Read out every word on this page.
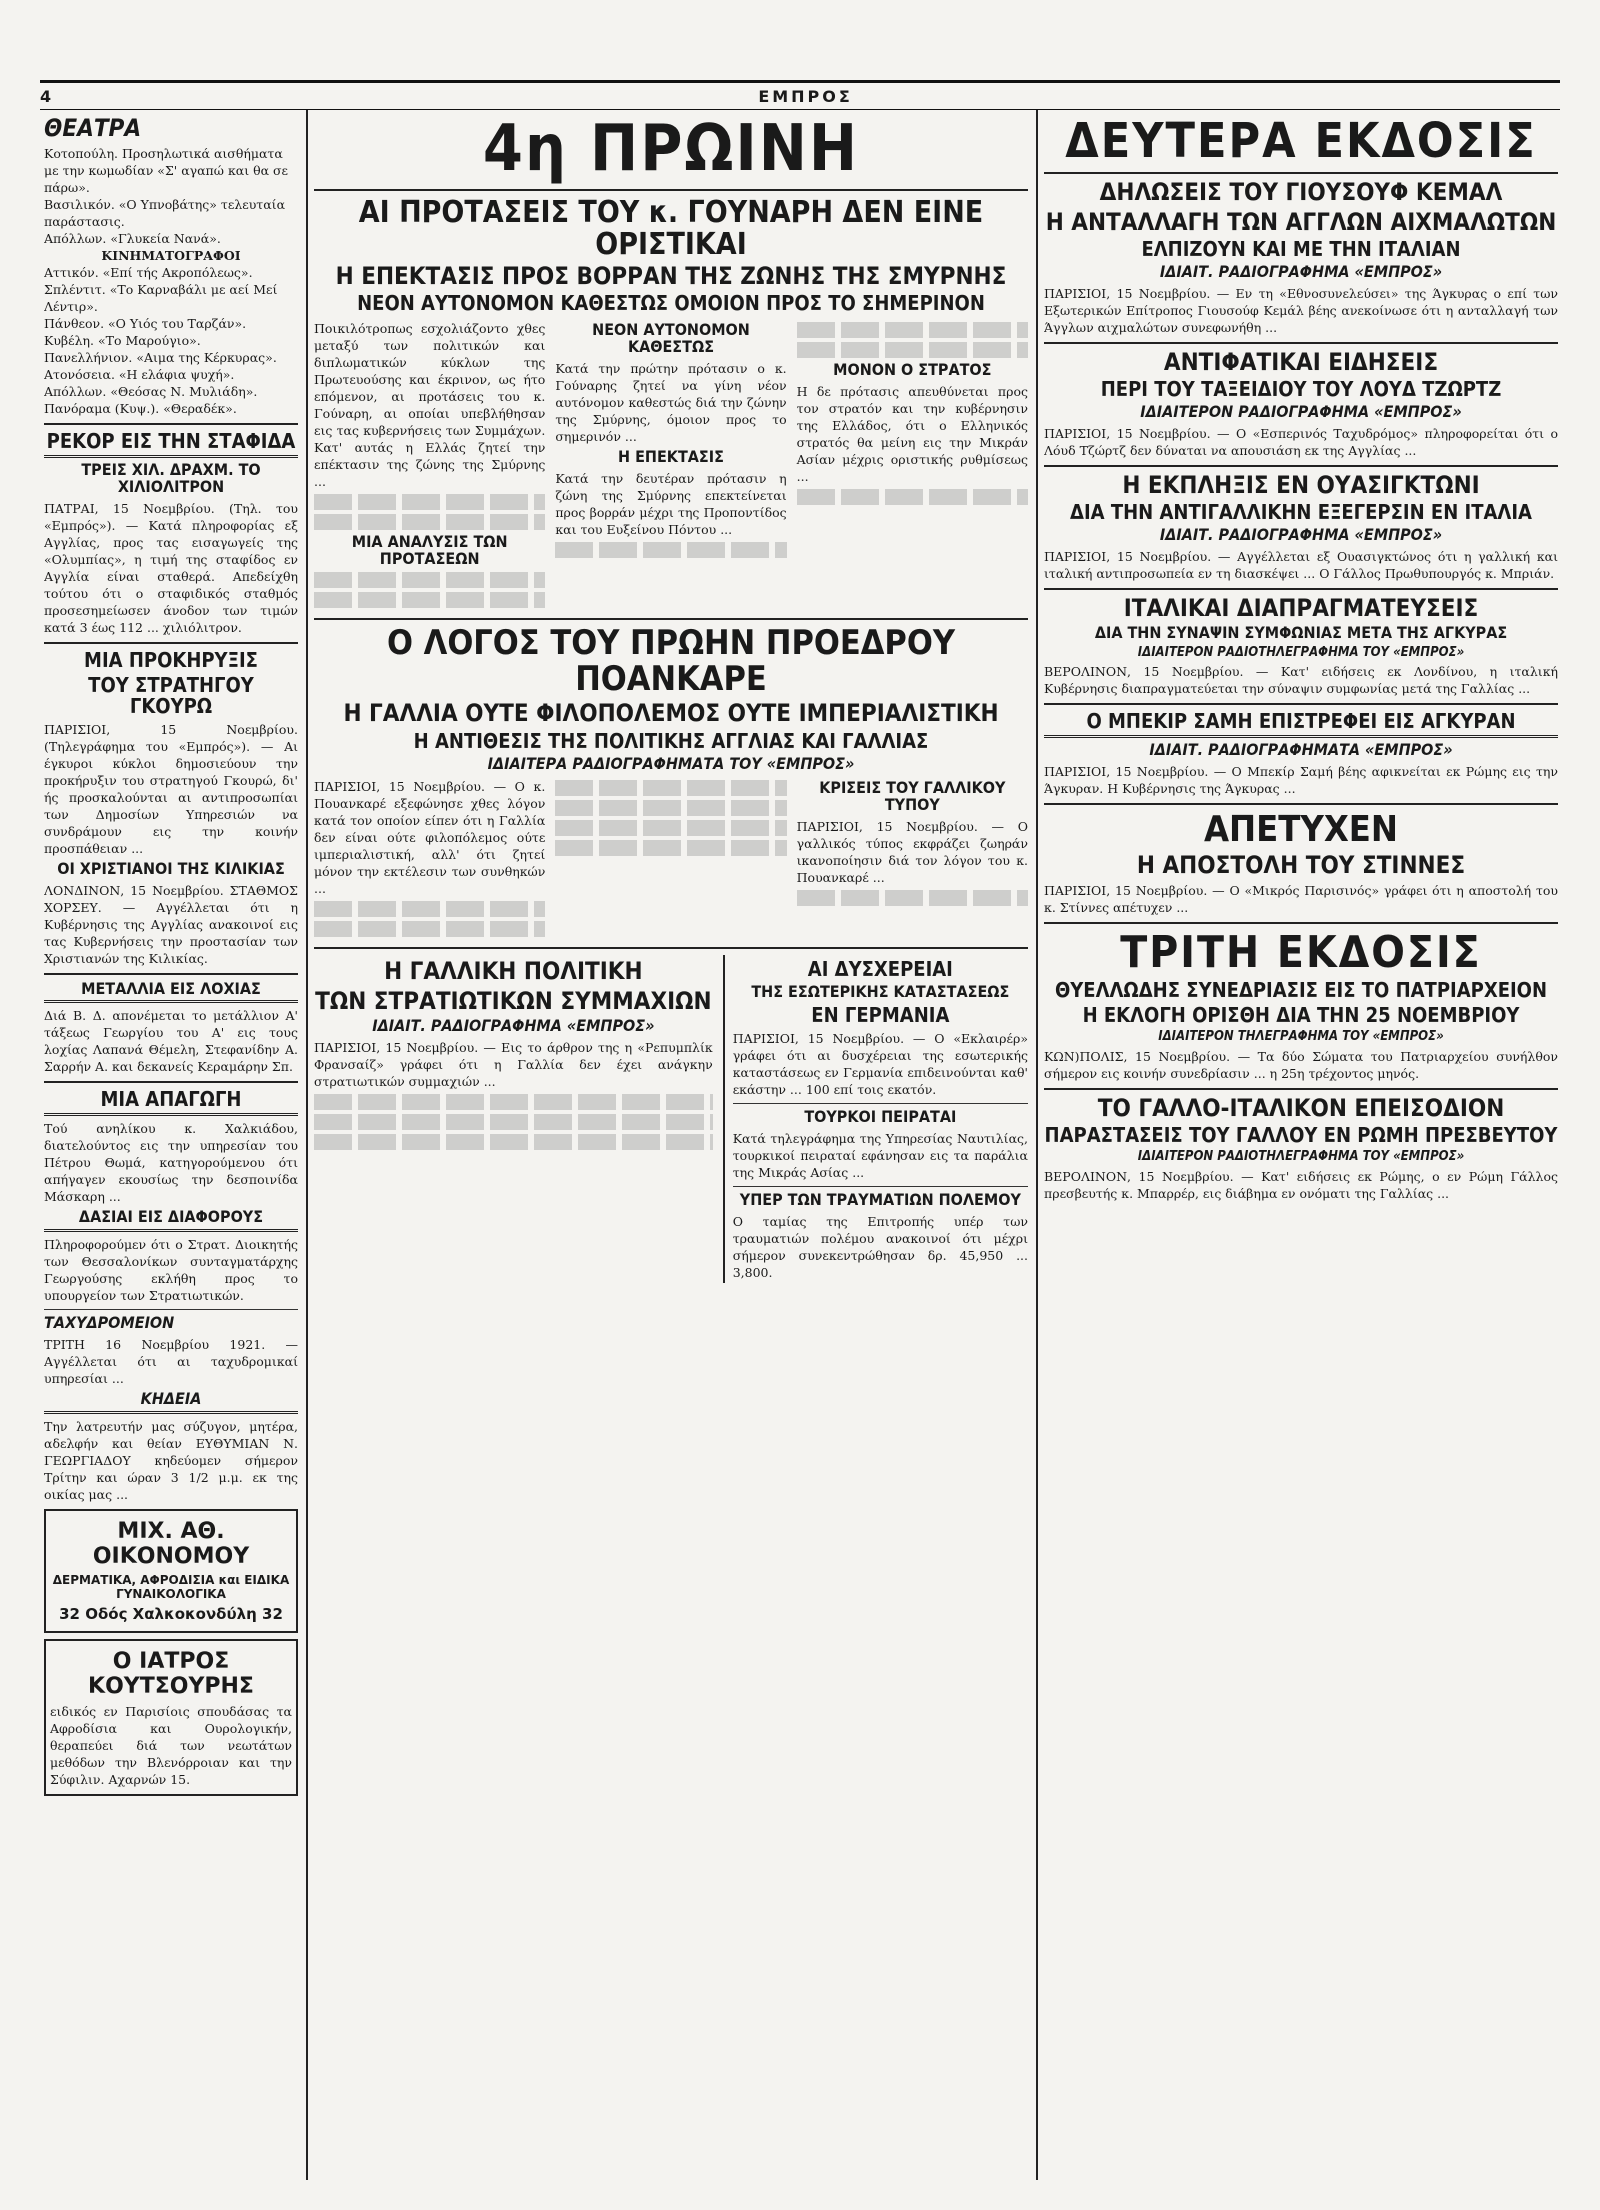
4	ΕΜΠΡΟΣ
ΘΕΑΤΡΑ
Κοτοπούλη. Προσηλωτικά αισθήματα με την κωμωδίαν «Σ' αγαπώ και θα σε πάρω».
Βασιλικόν. «Ο Υπνοβάτης» τελευταία παράστασις.
Απόλλων. «Γλυκεία Νανά».
ΚΙΝΗΜΑΤΟΓΡΑΦΟΙ
Αττικόν. «Επί τής Ακροπόλεως».
Σπλέντιτ. «Το Καρναβάλι με αεί Μεί Λέντιρ».
Πάνθεον. «Ο Υιός του Ταρζάν».
Κυβέλη. «Το Μαρούγιο».
Πανελλήνιον. «Αιμα της Κέρκυρας».
Ατονόσεια. «Η ελάφια ψυχή».
Απόλλων. «Θεόσας Ν. Μυλιάδη».
Πανόραμα (Κυψ.). «Θεραδέκ».
ΡΕΚΟΡ ΕΙΣ ΤΗΝ ΣΤΑΦΙΔΑ
ΤΡΕΙΣ ΧΙΛ. ΔΡΑΧΜ. ΤΟ ΧΙΛΙΟΛΙΤΡΟΝ

ΠΑΤΡΑΙ, 15 Νοεμβρίου. (Τηλ. του «Εμπρός»). — Κατά πληροφορίας εξ Αγγλίας, προς τας εισαγωγείς της «Ολυμπίας», η τιμή της σταφίδος εν Αγγλία είναι σταθερά. Απεδείχθη τούτου ότι ο σταφιδικός σταθμός προσεσημείωσεν άνοδον των τιμών κατά 3 έως 112 ... χιλιόλιτρον.

ΜΙΑ ΠΡΟΚΗΡΥΞΙΣ
ΤΟΥ ΣΤΡΑΤΗΓΟΥ ΓΚΟΥΡΩ

ΠΑΡΙΣΙΟΙ, 15 Νοεμβρίου. (Τηλεγράφημα του «Εμπρός»). — Αι έγκυροι κύκλοι δημοσιεύουν την προκήρυξιν του στρατηγού Γκουρώ, δι' ής προσκαλούνται αι αντιπροσωπίαι των Δημοσίων Υπηρεσιών να συνδράμουν εις την κοινήν προσπάθειαν ...

ΟΙ ΧΡΙΣΤΙΑΝΟΙ ΤΗΣ ΚΙΛΙΚΙΑΣ

ΛΟΝΔΙΝΟΝ, 15 Νοεμβρίου. ΣΤΑΘΜΟΣ ΧΟΡΣΕΥ. — Αγγέλλεται ότι η Κυβέρνησις της Αγγλίας ανακοινοί εις τας Κυβερνήσεις την προστασίαν των Χριστιανών της Κιλικίας.

ΜΕΤΑΛΛΙΑ ΕΙΣ ΛΟΧΙΑΣ

Διά Β. Δ. απονέμεται το μετάλλιον Α' τάξεως Γεωργίου του Α' εις τους λοχίας Λαπανά Θέμελη, Στεφανίδην Α. Σαρρήν Α. και δεκανείς Κεραμάρην Σπ.

ΜΙΑ ΑΠΑΓΩΓΗ

Τού ανηλίκου κ. Χαλκιάδου, διατελούντος εις την υπηρεσίαν του Πέτρου Θωμά, κατηγορούμενου ότι απήγαγεν εκουσίως την δεσποινίδα Μάσκαρη ...

ΔΑΣΙΑΙ ΕΙΣ ΔΙΑΦΟΡΟΥΣ

Πληροφορούμεν ότι ο Στρατ. Διοικητής των Θεσσαλονίκων συνταγματάρχης Γεωργούσης εκλήθη προς το υπουργείον των Στρατιωτικών.

ΤΑΧΥΔΡΟΜΕΙΟΝ

ΤΡΙΤΗ 16 Νοεμβρίου 1921. — Αγγέλλεται ότι αι ταχυδρομικαί υπηρεσίαι ...

ΚΗΔΕΙΑ

Την λατρευτήν μας σύζυγον, μητέρα, αδελφήν και θείαν ΕΥΘΥΜΙΑΝ Ν. ΓΕΩΡΓΙΑΔΟΥ κηδεύομεν σήμερον Τρίτην και ώραν 3 1/2 μ.μ. εκ της οικίας μας ...

ΜΙΧ. ΑΘ. ΟΙΚΟΝΟΜΟΥ
ΔΕΡΜΑΤΙΚΑ, ΑΦΡΟΔΙΣΙΑ και ΕΙΔΙΚΑ ΓΥΝΑΙΚΟΛΟΓΙΚΑ
32 Οδός Χαλκοκονδύλη 32
Ο ΙΑΤΡΟΣ ΚΟΥΤΣΟΥΡΗΣ

ειδικός εν Παρισίοις σπουδάσας τα Αφροδίσια και Ουρολογικήν, θεραπεύει διά των νεωτάτων μεθόδων την Βλενόρροιαν και την Σύφιλιν. Αχαρνών 15.

4η ΠΡΩΙΝΗ
ΑΙ ΠΡΟΤΑΣΕΙΣ ΤΟΥ κ. ΓΟΥΝΑΡΗ ΔΕΝ ΕΙΝΕ ΟΡΙΣΤΙΚΑΙ
Η ΕΠΕΚΤΑΣΙΣ ΠΡΟΣ ΒΟΡΡΑΝ ΤΗΣ ΖΩΝΗΣ ΤΗΣ ΣΜΥΡΝΗΣ
ΝΕΟΝ ΑΥΤΟΝΟΜΟΝ ΚΑΘΕΣΤΩΣ ΟΜΟΙΟΝ ΠΡΟΣ ΤΟ ΣΗΜΕΡΙΝΟΝ

Ποικιλότροπως εσχολιάζοντο χθες μεταξύ των πολιτικών και διπλωματικών κύκλων της Πρωτευούσης και έκρινον, ως ήτο επόμενον, αι προτάσεις του κ. Γούναρη, αι οποίαι υπεβλήθησαν εις τας κυβερνήσεις των Συμμάχων. Κατ' αυτάς η Ελλάς ζητεί την επέκτασιν της ζώνης της Σμύρνης ...

ΜΙΑ ΑΝΑΛΥΣΙΣ ΤΩΝ ΠΡΟΤΑΣΕΩΝ
ΝΕΟΝ ΑΥΤΟΝΟΜΟΝ ΚΑΘΕΣΤΩΣ

Κατά την πρώτην πρότασιν ο κ. Γούναρης ζητεί να γίνη νέον αυτόνομον καθεστώς διά την ζώνην της Σμύρνης, όμοιον προς το σημερινόν ...

Η ΕΠΕΚΤΑΣΙΣ

Κατά την δευτέραν πρότασιν η ζώνη της Σμύρνης επεκτείνεται προς βορράν μέχρι της Προποντίδος και του Ευξείνου Πόντου ...

ΜΟΝΟΝ Ο ΣΤΡΑΤΟΣ

Η δε πρότασις απευθύνεται προς τον στρατόν και την κυβέρνησιν της Ελλάδος, ότι ο Ελληνικός στρατός θα μείνη εις την Μικράν Ασίαν μέχρις οριστικής ρυθμίσεως ...

Ο ΛΟΓΟΣ ΤΟΥ ΠΡΩΗΝ ΠΡΟΕΔΡΟΥ ΠΟΑΝΚΑΡΕ
Η ΓΑΛΛΙΑ ΟΥΤΕ ΦΙΛΟΠΟΛΕΜΟΣ ΟΥΤΕ ΙΜΠΕΡΙΑΛΙΣΤΙΚΗ
Η ΑΝΤΙΘΕΣΙΣ ΤΗΣ ΠΟΛΙΤΙΚΗΣ ΑΓΓΛΙΑΣ ΚΑΙ ΓΑΛΛΙΑΣ
ΙΔΙΑΙΤΕΡΑ ΡΑΔΙΟΓΡΑΦΗΜΑΤΑ ΤΟΥ «ΕΜΠΡΟΣ»

ΠΑΡΙΣΙΟΙ, 15 Νοεμβρίου. — Ο κ. Πουανκαρέ εξεφώνησε χθες λόγον κατά τον οποίον είπεν ότι η Γαλλία δεν είναι ούτε φιλοπόλεμος ούτε ιμπεριαλιστική, αλλ' ότι ζητεί μόνον την εκτέλεσιν των συνθηκών ...

ΚΡΙΣΕΙΣ ΤΟΥ ΓΑΛΛΙΚΟΥ ΤΥΠΟΥ

ΠΑΡΙΣΙΟΙ, 15 Νοεμβρίου. — Ο γαλλικός τύπος εκφράζει ζωηράν ικανοποίησιν διά τον λόγον του κ. Πουανκαρέ ...

Η ΓΑΛΛΙΚΗ ΠΟΛΙΤΙΚΗ
ΤΩΝ ΣΤΡΑΤΙΩΤΙΚΩΝ ΣΥΜΜΑΧΙΩΝ
ΙΔΙΑΙΤ. ΡΑΔΙΟΓΡΑΦΗΜΑ «ΕΜΠΡΟΣ»

ΠΑΡΙΣΙΟΙ, 15 Νοεμβρίου. — Εις το άρθρον της η «Ρεπυμπλίκ Φρανσαίζ» γράφει ότι η Γαλλία δεν έχει ανάγκην στρατιωτικών συμμαχιών ...

ΑΙ ΔΥΣΧΕΡΕΙΑΙ
ΤΗΣ ΕΣΩΤΕΡΙΚΗΣ ΚΑΤΑΣΤΑΣΕΩΣ
ΕΝ ΓΕΡΜΑΝΙΑ

ΠΑΡΙΣΙΟΙ, 15 Νοεμβρίου. — Ο «Εκλαιρέρ» γράφει ότι αι δυσχέρειαι της εσωτερικής καταστάσεως εν Γερμανία επιδεινούνται καθ' εκάστην ... 100 επί τοις εκατόν.

ΤΟΥΡΚΟΙ ΠΕΙΡΑΤΑΙ

Κατά τηλεγράφημα της Υπηρεσίας Ναυτιλίας, τουρκικοί πειραταί εφάνησαν εις τα παράλια της Μικράς Ασίας ...

ΥΠΕΡ ΤΩΝ ΤΡΑΥΜΑΤΙΩΝ ΠΟΛΕΜΟΥ

Ο ταμίας της Επιτροπής υπέρ των τραυματιών πολέμου ανακοινοί ότι μέχρι σήμερον συνεκεντρώθησαν δρ. 45,950 ... 3,800.

ΔΕΥΤΕΡΑ ΕΚΔΟΣΙΣ
ΔΗΛΩΣΕΙΣ ΤΟΥ ΓΙΟΥΣΟΥΦ ΚΕΜΑΛ
Η ΑΝΤΑΛΛΑΓΗ ΤΩΝ ΑΓΓΛΩΝ ΑΙΧΜΑΛΩΤΩΝ
ΕΛΠΙΖΟΥΝ ΚΑΙ ΜΕ ΤΗΝ ΙΤΑΛΙΑΝ
ΙΔΙΑΙΤ. ΡΑΔΙΟΓΡΑΦΗΜΑ «ΕΜΠΡΟΣ»

ΠΑΡΙΣΙΟΙ, 15 Νοεμβρίου. — Εν τη «Εθνοσυνελεύσει» της Άγκυρας ο επί των Εξωτερικών Επίτροπος Γιουσούφ Κεμάλ βέης ανεκοίνωσε ότι η ανταλλαγή των Άγγλων αιχμαλώτων συνεφωνήθη ...

ΑΝΤΙΦΑΤΙΚΑΙ ΕΙΔΗΣΕΙΣ
ΠΕΡΙ ΤΟΥ ΤΑΞΕΙΔΙΟΥ ΤΟΥ ΛΟΥΔ ΤΖΩΡΤΖ
ΙΔΙΑΙΤΕΡΟΝ ΡΑΔΙΟΓΡΑΦΗΜΑ «ΕΜΠΡΟΣ»

ΠΑΡΙΣΙΟΙ, 15 Νοεμβρίου. — Ο «Εσπερινός Ταχυδρόμος» πληροφορείται ότι ο Λόυδ Τζώρτζ δεν δύναται να απουσιάση εκ της Αγγλίας ...

Η ΕΚΠΛΗΞΙΣ ΕΝ ΟΥΑΣΙΓΚΤΩΝΙ
ΔΙΑ ΤΗΝ ΑΝΤΙΓΑΛΛΙΚΗΝ ΕΞΕΓΕΡΣΙΝ ΕΝ ΙΤΑΛΙΑ
ΙΔΙΑΙΤ. ΡΑΔΙΟΓΡΑΦΗΜΑ «ΕΜΠΡΟΣ»

ΠΑΡΙΣΙΟΙ, 15 Νοεμβρίου. — Αγγέλλεται εξ Ουασιγκτώνος ότι η γαλλική και ιταλική αντιπροσωπεία εν τη διασκέψει ... Ο Γάλλος Πρωθυπουργός κ. Μπριάν.

ΙΤΑΛΙΚΑΙ ΔΙΑΠΡΑΓΜΑΤΕΥΣΕΙΣ
ΔΙΑ ΤΗΝ ΣΥΝΑΨΙΝ ΣΥΜΦΩΝΙΑΣ ΜΕΤΑ ΤΗΣ ΑΓΚΥΡΑΣ
ΙΔΙΑΙΤΕΡΟΝ ΡΑΔΙΟΤΗΛΕΓΡΑΦΗΜΑ ΤΟΥ «ΕΜΠΡΟΣ»

ΒΕΡΟΛΙΝΟΝ, 15 Νοεμβρίου. — Κατ' ειδήσεις εκ Λονδίνου, η ιταλική Κυβέρνησις διαπραγματεύεται την σύναψιν συμφωνίας μετά της Γαλλίας ...

Ο ΜΠΕΚΙΡ ΣΑΜΗ ΕΠΙΣΤΡΕΦΕΙ ΕΙΣ ΑΓΚΥΡΑΝ
ΙΔΙΑΙΤ. ΡΑΔΙΟΓΡΑΦΗΜΑΤΑ «ΕΜΠΡΟΣ»

ΠΑΡΙΣΙΟΙ, 15 Νοεμβρίου. — Ο Μπεκίρ Σαμή βέης αφικνείται εκ Ρώμης εις την Άγκυραν. Η Κυβέρνησις της Άγκυρας ...

ΑΠΕΤΥΧΕΝ
Η ΑΠΟΣΤΟΛΗ ΤΟΥ ΣΤΙΝΝΕΣ

ΠΑΡΙΣΙΟΙ, 15 Νοεμβρίου. — Ο «Μικρός Παρισινός» γράφει ότι η αποστολή του κ. Στίννες απέτυχεν ...

ΤΡΙΤΗ ΕΚΔΟΣΙΣ
ΘΥΕΛΛΩΔΗΣ ΣΥΝΕΔΡΙΑΣΙΣ ΕΙΣ ΤΟ ΠΑΤΡΙΑΡΧΕΙΟΝ
Η ΕΚΛΟΓΗ ΟΡΙΣΘΗ ΔΙΑ ΤΗΝ 25 ΝΟΕΜΒΡΙΟΥ
ΙΔΙΑΙΤΕΡΟΝ ΤΗΛΕΓΡΑΦΗΜΑ ΤΟΥ «ΕΜΠΡΟΣ»

ΚΩΝ)ΠΟΛΙΣ, 15 Νοεμβρίου. — Τα δύο Σώματα του Πατριαρχείου συνήλθον σήμερον εις κοινήν συνεδρίασιν ... η 25η τρέχοντος μηνός.

ΤΟ ΓΑΛΛΟ-ΙΤΑΛΙΚΟΝ ΕΠΕΙΣΟΔΙΟΝ
ΠΑΡΑΣΤΑΣΕΙΣ ΤΟΥ ΓΑΛΛΟΥ ΕΝ ΡΩΜΗ ΠΡΕΣΒΕΥΤΟΥ
ΙΔΙΑΙΤΕΡΟΝ ΡΑΔΙΟΤΗΛΕΓΡΑΦΗΜΑ ΤΟΥ «ΕΜΠΡΟΣ»

ΒΕΡΟΛΙΝΟΝ, 15 Νοεμβρίου. — Κατ' ειδήσεις εκ Ρώμης, ο εν Ρώμη Γάλλος πρεσβευτής κ. Μπαρρέρ, εις διάβημα εν ονόματι της Γαλλίας ...
